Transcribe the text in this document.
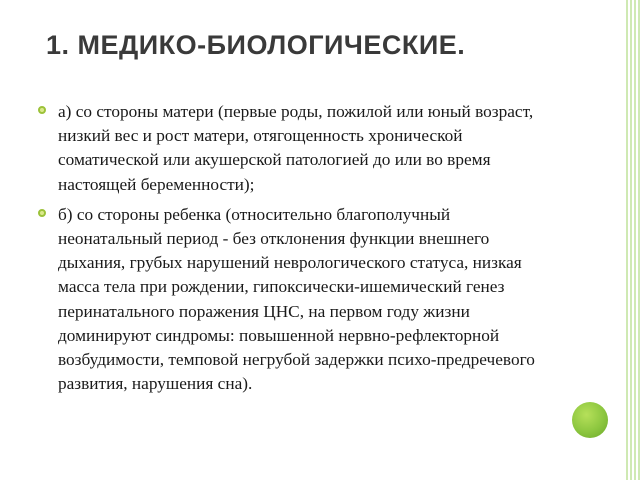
1. МЕДИКО-БИОЛОГИЧЕСКИЕ.
а) со стороны матери (первые роды, пожилой или юный возраст, низкий вес и рост матери, отягощенность хронической соматической или акушерской патологией до или во время настоящей беременности);
б) со стороны ребенка (относительно благополучный неонатальный период - без отклонения функции внешнего дыхания, грубых нарушений неврологического статуса, низкая масса тела при рождении, гипоксически-ишемический генез перинатального поражения ЦНС, на первом году жизни доминируют синдромы: повышенной нервно-рефлекторной возбудимости, темповой негрубой задержки психо-предречевого развития, нарушения сна).
